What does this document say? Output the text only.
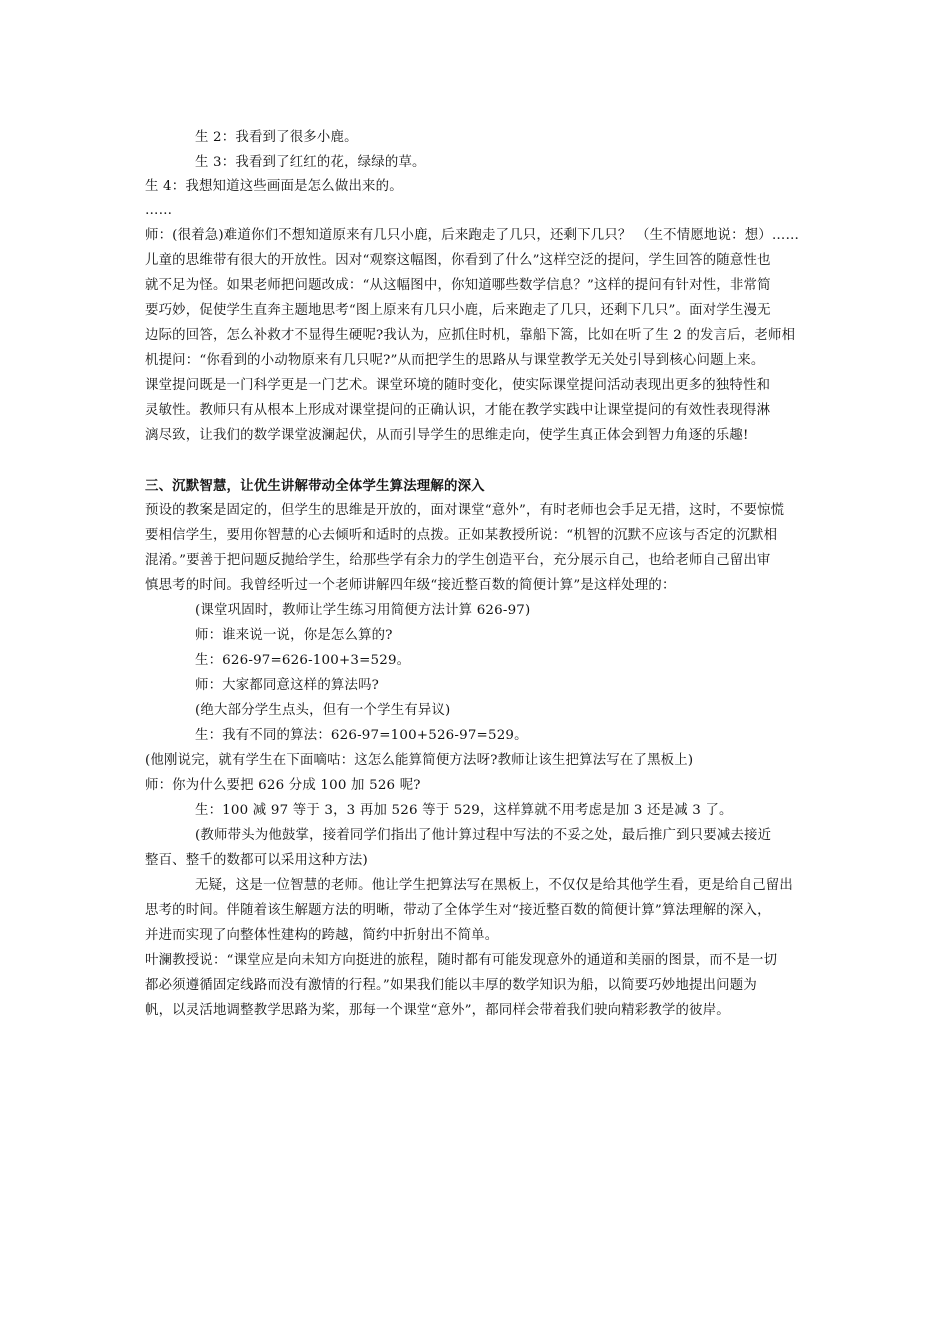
生 2：我看到了很多小鹿。
生 3：我看到了红红的花，绿绿的草。
生 4：我想知道这些画面是怎么做出来的。
……
师：(很着急)难道你们不想知道原来有几只小鹿，后来跑走了几只，还剩下几只？ （生不情愿地说：想）……
儿童的思维带有很大的开放性。因对“观察这幅图，你看到了什么”这样空泛的提问，学生回答的随意性也
就不足为怪。如果老师把问题改成：“从这幅图中，你知道哪些数学信息？”这样的提问有针对性，非常简
要巧妙，促使学生直奔主题地思考“图上原来有几只小鹿，后来跑走了几只，还剩下几只”。面对学生漫无
边际的回答，怎么补救才不显得生硬呢?我认为，应抓住时机，靠船下篙，比如在听了生 2 的发言后，老师相
机提问：“你看到的小动物原来有几只呢?”从而把学生的思路从与课堂教学无关处引导到核心问题上来。
课堂提问既是一门科学更是一门艺术。课堂环境的随时变化，使实际课堂提问活动表现出更多的独特性和
灵敏性。教师只有从根本上形成对课堂提问的正确认识，才能在教学实践中让课堂提问的有效性表现得淋
漓尽致，让我们的数学课堂波澜起伏，从而引导学生的思维走向，使学生真正体会到智力角逐的乐趣!
三、沉默智慧，让优生讲解带动全体学生算法理解的深入
预设的教案是固定的，但学生的思维是开放的，面对课堂“意外”，有时老师也会手足无措，这时，不要惊慌
要相信学生，要用你智慧的心去倾听和适时的点拨。正如某教授所说：“机智的沉默不应该与否定的沉默相
混淆。”要善于把问题反抛给学生，给那些学有余力的学生创造平台，充分展示自己，也给老师自己留出审
慎思考的时间。我曾经听过一个老师讲解四年级“接近整百数的简便计算”是这样处理的：
(课堂巩固时，教师让学生练习用简便方法计算 626-97)
师：谁来说一说，你是怎么算的?
生：626-97=626-100+3=529。
师：大家都同意这样的算法吗?
(绝大部分学生点头，但有一个学生有异议)
生：我有不同的算法：626-97=100+526-97=529。
(他刚说完，就有学生在下面嘀咕：这怎么能算简便方法呀?教师让该生把算法写在了黑板上)
师：你为什么要把 626 分成 100 加 526 呢?
生：100 减 97 等于 3，3 再加 526 等于 529，这样算就不用考虑是加 3 还是减 3 了。
(教师带头为他鼓掌，接着同学们指出了他计算过程中写法的不妥之处，最后推广到只要减去接近
整百、整千的数都可以采用这种方法)
无疑，这是一位智慧的老师。他让学生把算法写在黑板上，不仅仅是给其他学生看，更是给自己留出
思考的时间。伴随着该生解题方法的明晰，带动了全体学生对“接近整百数的简便计算”算法理解的深入，
并进而实现了向整体性建构的跨越，简约中折射出不简单。
叶澜教授说：“课堂应是向未知方向挺进的旅程，随时都有可能发现意外的通道和美丽的图景，而不是一切
都必须遵循固定线路而没有激情的行程。”如果我们能以丰厚的数学知识为船，以简要巧妙地提出问题为
帆，以灵活地调整教学思路为桨，那每一个课堂“意外”，都同样会带着我们驶向精彩教学的彼岸。
